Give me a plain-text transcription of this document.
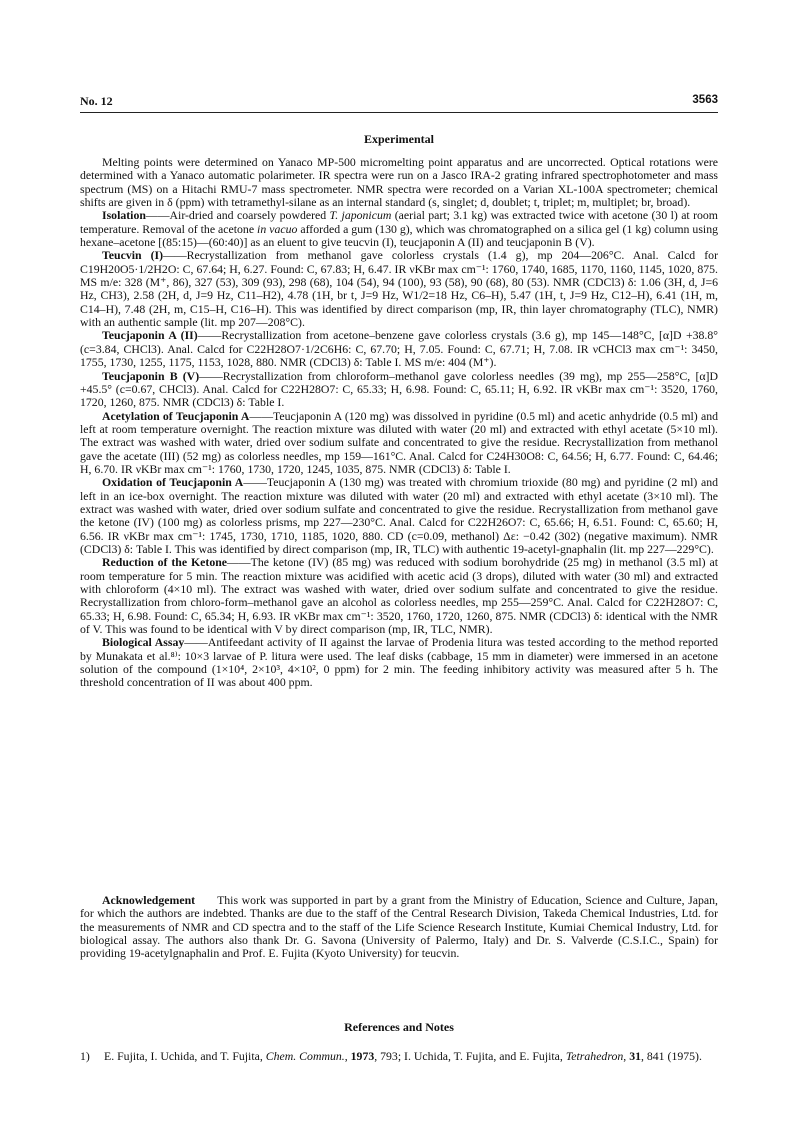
No. 12	3563
Experimental

Melting points were determined on Yanaco MP-500 micromelting point apparatus and are uncorrected. Optical rotations were determined with a Yanaco automatic polarimeter. IR spectra were run on a Jasco IRA-2 grating infrared spectrophotometer and mass spectrum (MS) on a Hitachi RMU-7 mass spectrometer. NMR spectra were recorded on a Varian XL-100A spectrometer; chemical shifts are given in δ (ppm) with tetramethyl-silane as an internal standard (s, singlet; d, doublet; t, triplet; m, multiplet; br, broad).

Isolation——Air-dried and coarsely powdered T. japonicum (aerial part; 3.1 kg) was extracted twice with acetone (30 l) at room temperature. Removal of the acetone in vacuo afforded a gum (130 g), which was chromatographed on a silica gel (1 kg) column using hexane–acetone [(85:15)—(60:40)] as an eluent to give teucvin (I), teucjaponin A (II) and teucjaponin B (V).

Teucvin (I)——Recrystallization from methanol gave colorless crystals (1.4 g), mp 204—206°C. Anal. Calcd for C19H20O5·1/2H2O: C, 67.64; H, 6.27. Found: C, 67.83; H, 6.47. IR νKBr max cm⁻¹: 1760, 1740, 1685, 1170, 1160, 1145, 1020, 875. MS m/e: 328 (M⁺, 86), 327 (53), 309 (93), 298 (68), 104 (54), 94 (100), 93 (58), 90 (68), 80 (53). NMR (CDCl3) δ: 1.06 (3H, d, J=6 Hz, CH3), 2.58 (2H, d, J=9 Hz, C11–H2), 4.78 (1H, br t, J=9 Hz, W1/2=18 Hz, C6–H), 5.47 (1H, t, J=9 Hz, C12–H), 6.41 (1H, m, C14–H), 7.48 (2H, m, C15–H, C16–H). This was identified by direct comparison (mp, IR, thin layer chromatography (TLC), NMR) with an authentic sample (lit. mp 207—208°C).

Teucjaponin A (II)——Recrystallization from acetone–benzene gave colorless crystals (3.6 g), mp 145—148°C, [α]D +38.8° (c=3.84, CHCl3). Anal. Calcd for C22H28O7·1/2C6H6: C, 67.70; H, 7.05. Found: C, 67.71; H, 7.08. IR νCHCl3 max cm⁻¹: 3450, 1755, 1730, 1255, 1175, 1153, 1028, 880. NMR (CDCl3) δ: Table I. MS m/e: 404 (M⁺).

Teucjaponin B (V)——Recrystallization from chloroform–methanol gave colorless needles (39 mg), mp 255—258°C, [α]D +45.5° (c=0.67, CHCl3). Anal. Calcd for C22H28O7: C, 65.33; H, 6.98. Found: C, 65.11; H, 6.92. IR νKBr max cm⁻¹: 3520, 1760, 1720, 1260, 875. NMR (CDCl3) δ: Table I.

Acetylation of Teucjaponin A——Teucjaponin A (120 mg) was dissolved in pyridine (0.5 ml) and acetic anhydride (0.5 ml) and left at room temperature overnight. The reaction mixture was diluted with water (20 ml) and extracted with ethyl acetate (5×10 ml). The extract was washed with water, dried over sodium sulfate and concentrated to give the residue. Recrystallization from methanol gave the acetate (III) (52 mg) as colorless needles, mp 159—161°C. Anal. Calcd for C24H30O8: C, 64.56; H, 6.77. Found: C, 64.46; H, 6.70. IR νKBr max cm⁻¹: 1760, 1730, 1720, 1245, 1035, 875. NMR (CDCl3) δ: Table I.

Oxidation of Teucjaponin A——Teucjaponin A (130 mg) was treated with chromium trioxide (80 mg) and pyridine (2 ml) and left in an ice-box overnight. The reaction mixture was diluted with water (20 ml) and extracted with ethyl acetate (3×10 ml). The extract was washed with water, dried over sodium sulfate and concentrated to give the residue. Recrystallization from methanol gave the ketone (IV) (100 mg) as colorless prisms, mp 227—230°C. Anal. Calcd for C22H26O7: C, 65.66; H, 6.51. Found: C, 65.60; H, 6.56. IR νKBr max cm⁻¹: 1745, 1730, 1710, 1185, 1020, 880. CD (c=0.09, methanol) Δε: −0.42 (302) (negative maximum). NMR (CDCl3) δ: Table I. This was identified by direct comparison (mp, IR, TLC) with authentic 19-acetyl-gnaphalin (lit. mp 227—229°C).

Reduction of the Ketone——The ketone (IV) (85 mg) was reduced with sodium borohydride (25 mg) in methanol (3.5 ml) at room temperature for 5 min. The reaction mixture was acidified with acetic acid (3 drops), diluted with water (30 ml) and extracted with chloroform (4×10 ml). The extract was washed with water, dried over sodium sulfate and concentrated to give the residue. Recrystallization from chloro-form–methanol gave an alcohol as colorless needles, mp 255—259°C. Anal. Calcd for C22H28O7: C, 65.33; H, 6.98. Found: C, 65.34; H, 6.93. IR νKBr max cm⁻¹: 3520, 1760, 1720, 1260, 875. NMR (CDCl3) δ: identical with the NMR of V. This was found to be identical with V by direct comparison (mp, IR, TLC, NMR).

Biological Assay——Antifeedant activity of II against the larvae of Prodenia litura was tested according to the method reported by Munakata et al.⁸⁾: 10×3 larvae of P. litura were used. The leaf disks (cabbage, 15 mm in diameter) were immersed in an acetone solution of the compound (1×10⁴, 2×10³, 4×10², 0 ppm) for 2 min. The feeding inhibitory activity was measured after 5 h. The threshold concentration of II was about 400 ppm.

Acknowledgement This work was supported in part by a grant from the Ministry of Education, Science and Culture, Japan, for which the authors are indebted. Thanks are due to the staff of the Central Research Division, Takeda Chemical Industries, Ltd. for the measurements of NMR and CD spectra and to the staff of the Life Science Research Institute, Kumiai Chemical Industry, Ltd. for biological assay. The authors also thank Dr. G. Savona (University of Palermo, Italy) and Dr. S. Valverde (C.S.I.C., Spain) for providing 19-acetylgnaphalin and Prof. E. Fujita (Kyoto University) for teucvin.

References and Notes
1) E. Fujita, I. Uchida, and T. Fujita, Chem. Commun., 1973, 793; I. Uchida, T. Fujita, and E. Fujita, Tetrahedron, 31, 841 (1975).
